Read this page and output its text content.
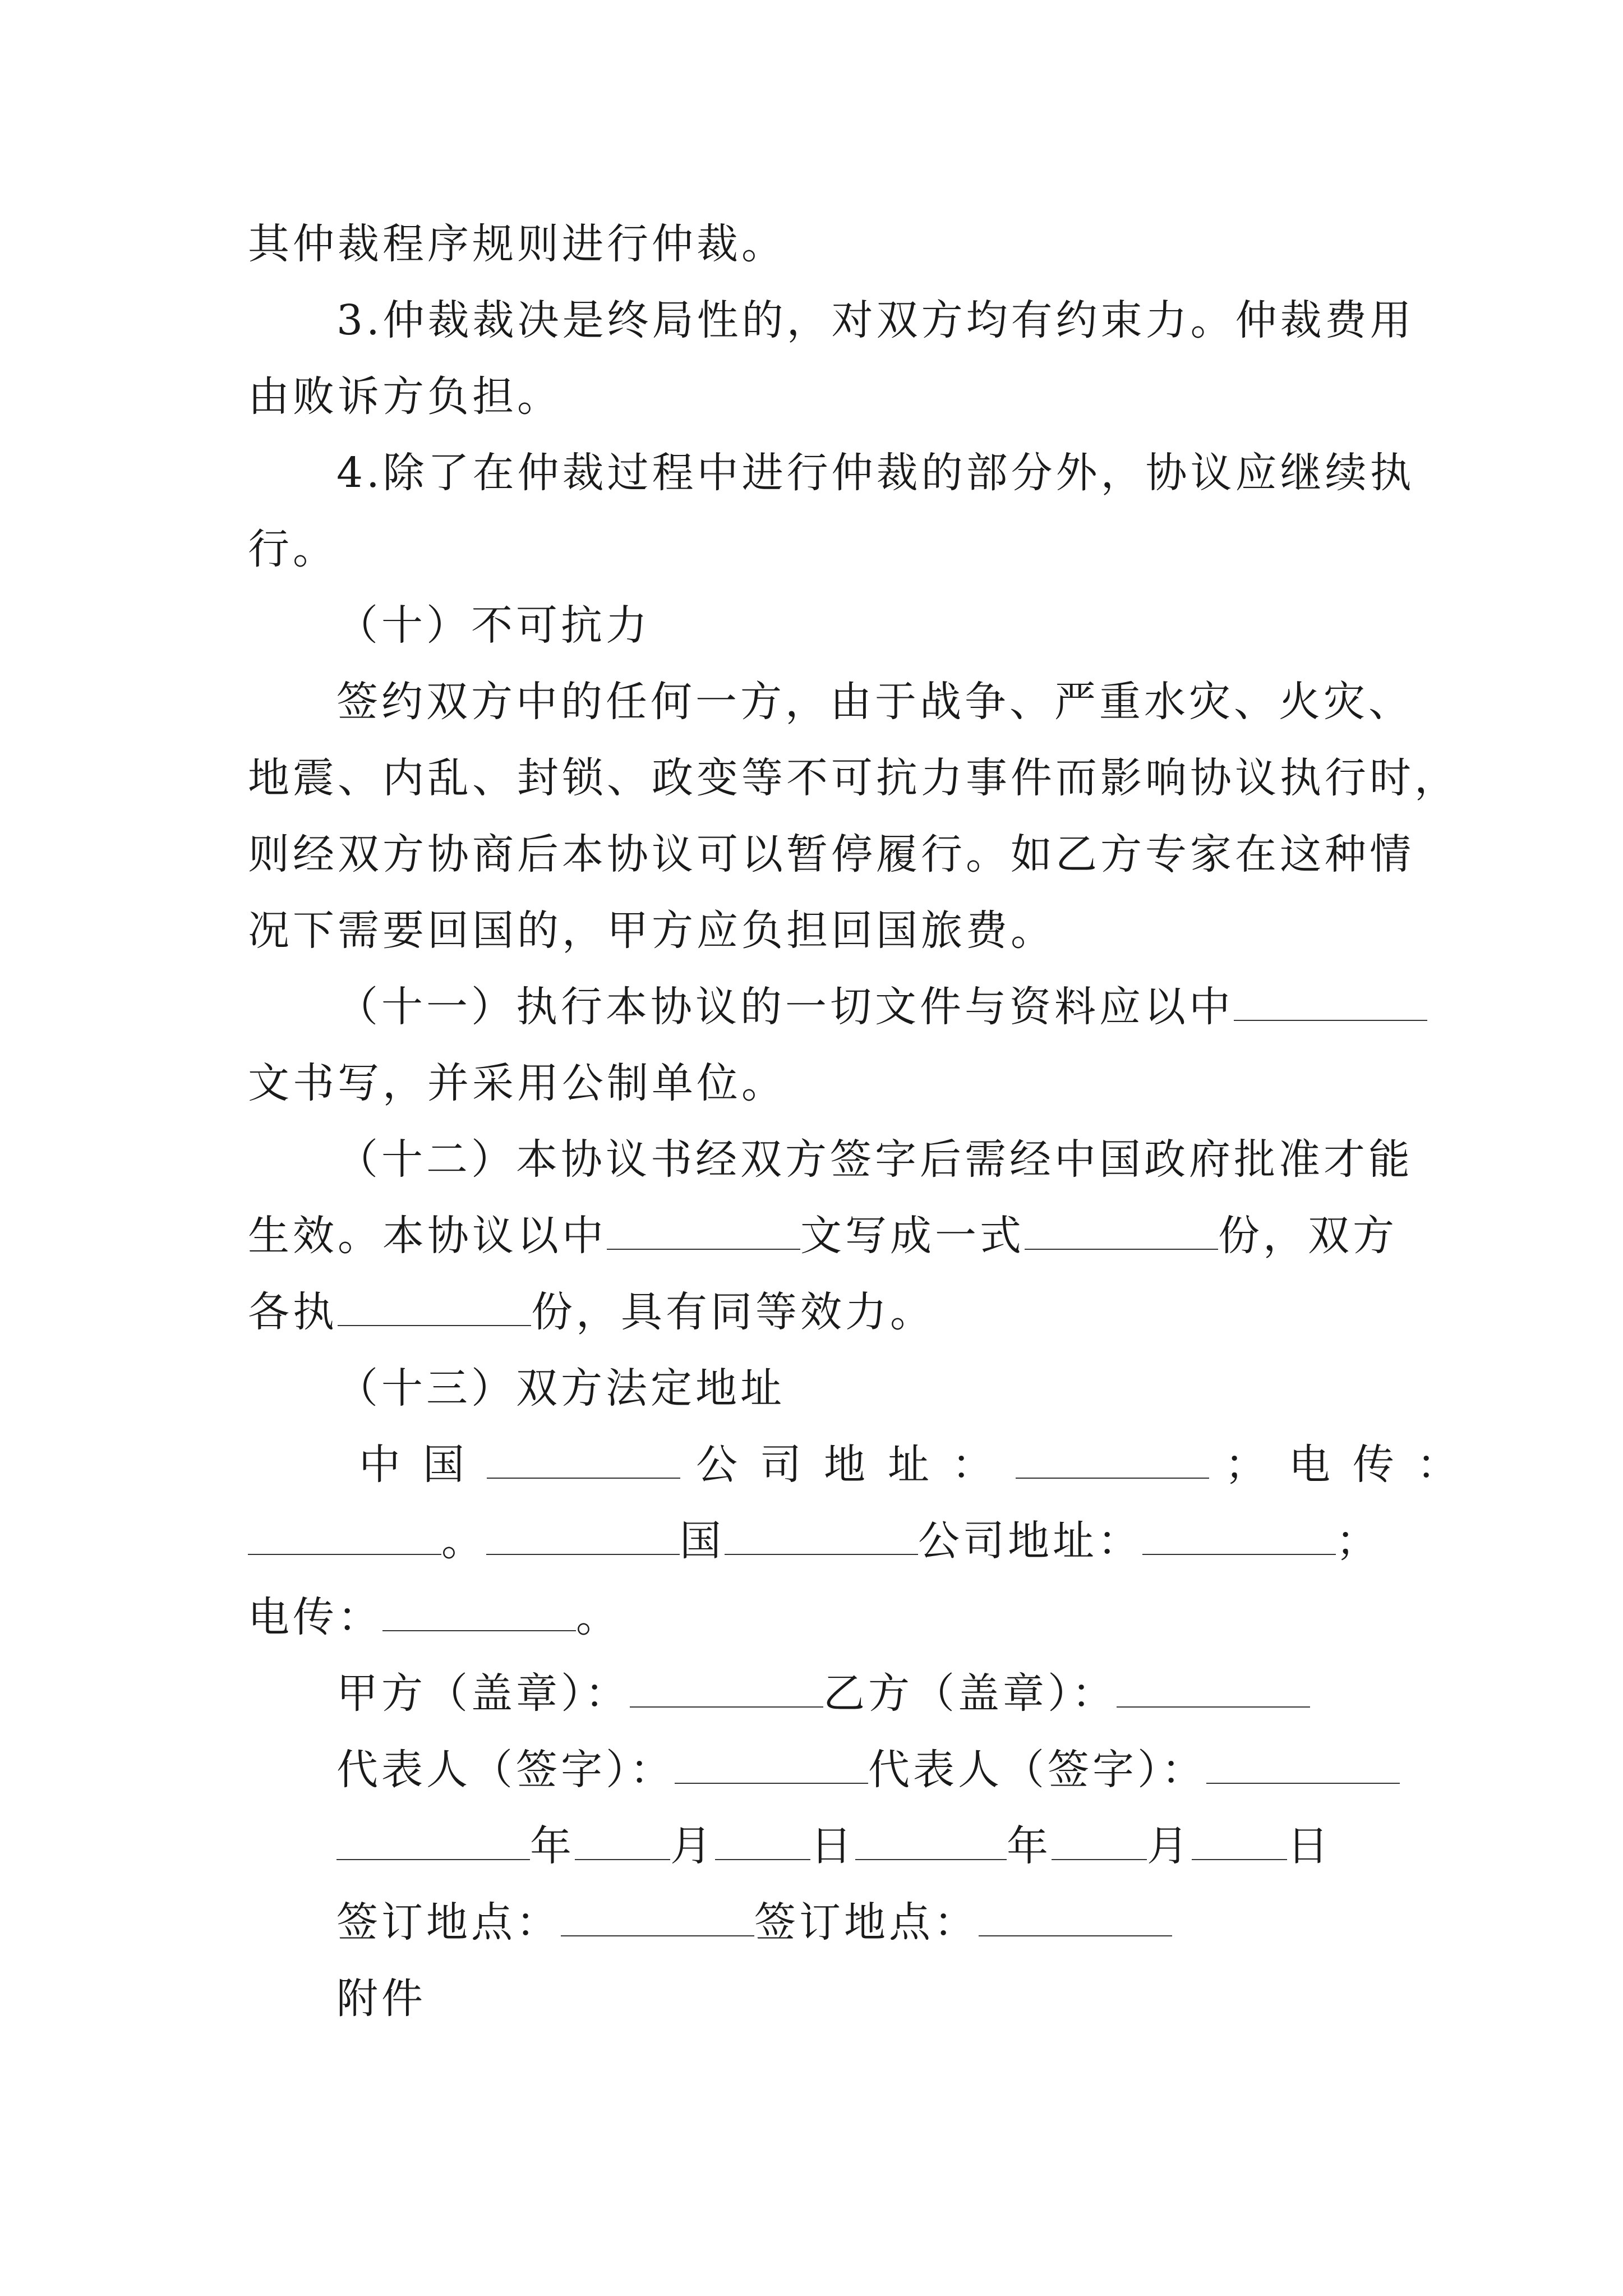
其仲裁程序规则进行仲裁。
3.仲裁裁决是终局性的，对双方均有约束力。仲裁费用
由败诉方负担。
4.除了在仲裁过程中进行仲裁的部分外，协议应继续执
行。
（十）不可抗力
签约双方中的任何一方，由于战争、严重水灾、火灾、
地震、内乱、封锁、政变等不可抗力事件而影响协议执行时，
则经双方协商后本协议可以暂停履行。如乙方专家在这种情
况下需要回国的，甲方应负担回国旅费。
（十一）执行本协议的一切文件与资料应以中
文书写，并采用公制单位。
（十二）本协议书经双方签字后需经中国政府批准才能
生效。本协议以中	文写成一式	份，双方
各执	份，具有同等效力。
（十三）双方法定地址
中国	公司地址：	；电传：
。	国	公司地址：	；
电传：	。
甲方（盖章）：	乙方（盖章）：
代表人（签字）：	代表人（签字）：
年 月 日	年 月 日
签订地点：	签订地点：
附件
